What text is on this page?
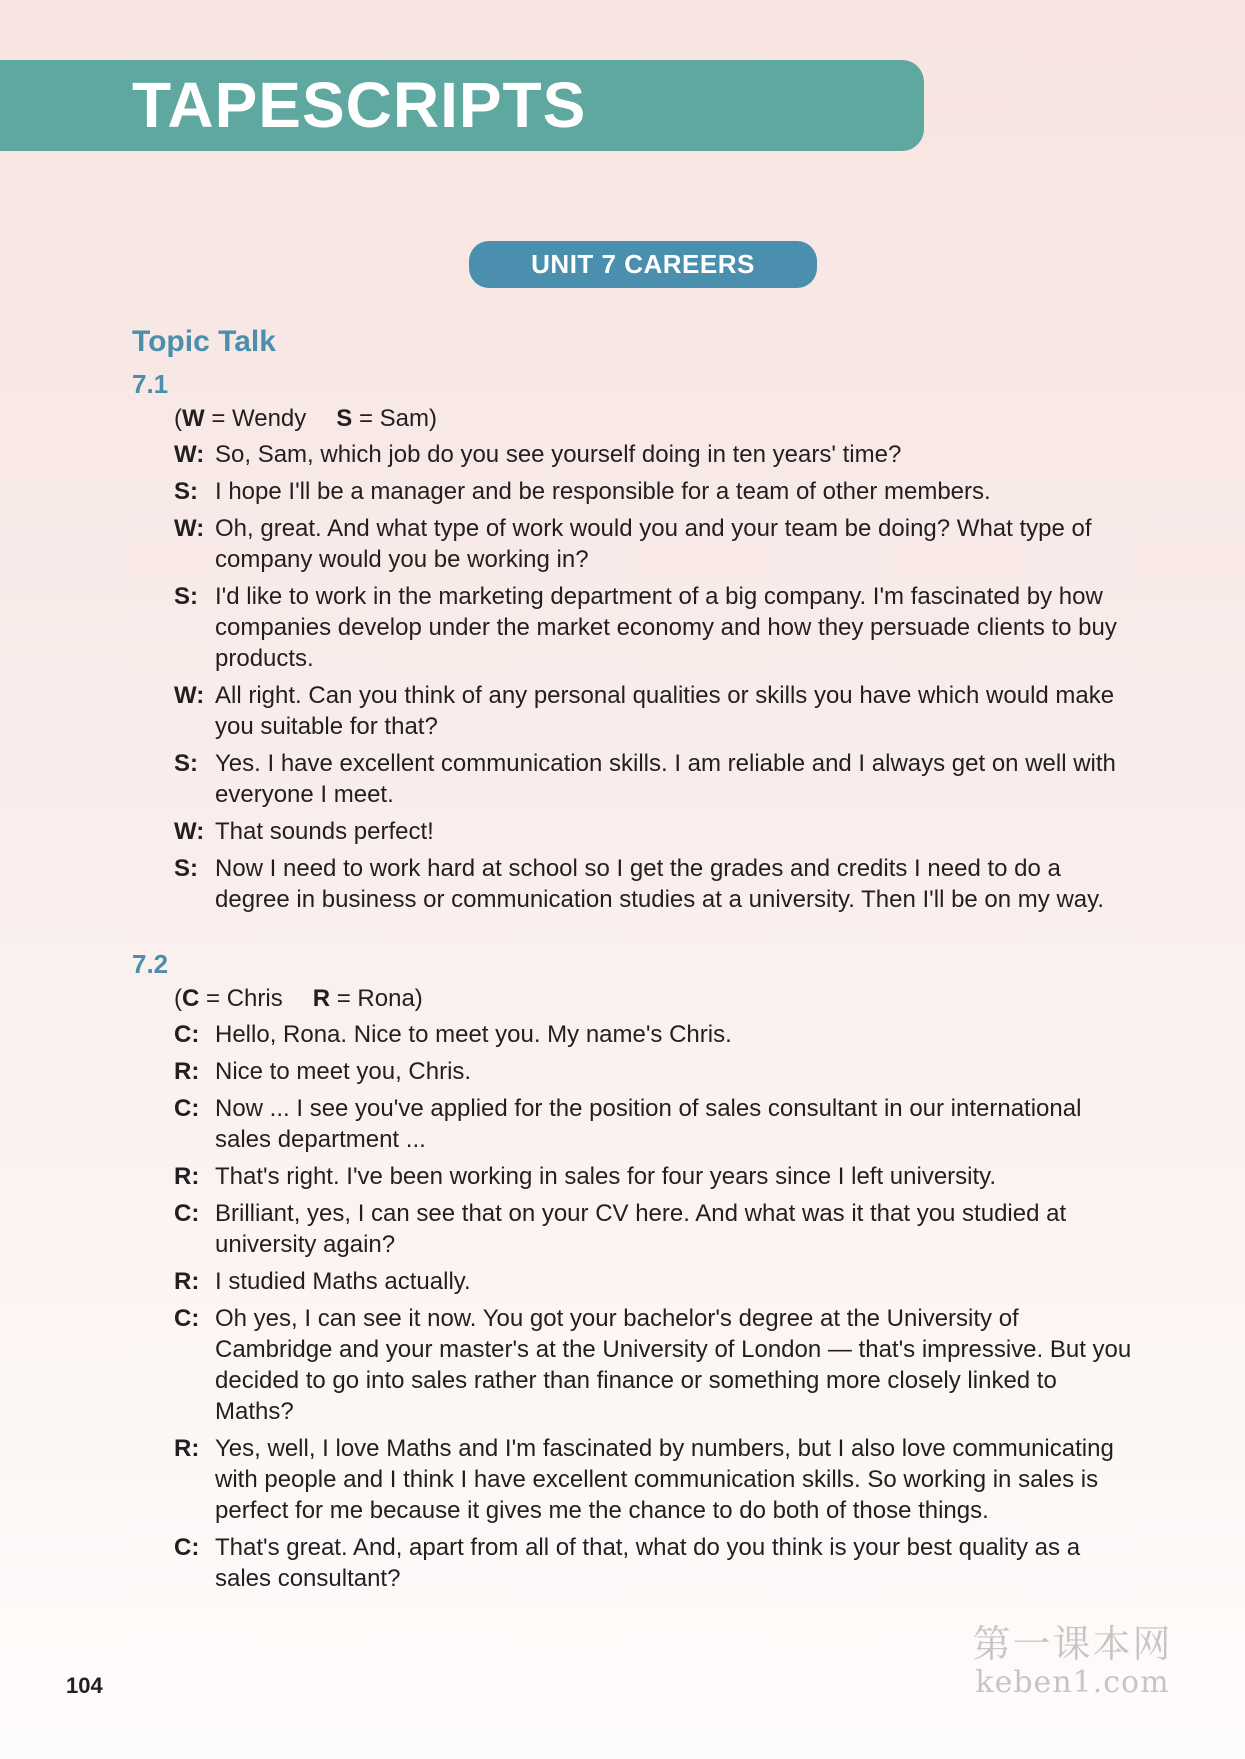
TAPESCRIPTS
UNIT 7 CAREERS
Topic Talk
7.1
(W = Wendy S = Sam)
W: So, Sam, which job do you see yourself doing in ten years' time?
S: I hope I'll be a manager and be responsible for a team of other members.
W: Oh, great. And what type of work would you and your team be doing? What type of company would you be working in?
S: I'd like to work in the marketing department of a big company. I'm fascinated by how companies develop under the market economy and how they persuade clients to buy products.
W: All right. Can you think of any personal qualities or skills you have which would make you suitable for that?
S: Yes. I have excellent communication skills. I am reliable and I always get on well with everyone I meet.
W: That sounds perfect!
S: Now I need to work hard at school so I get the grades and credits I need to do a degree in business or communication studies at a university. Then I'll be on my way.
7.2
(C = Chris R = Rona)
C: Hello, Rona. Nice to meet you. My name's Chris.
R: Nice to meet you, Chris.
C: Now ... I see you've applied for the position of sales consultant in our international sales department ...
R: That's right. I've been working in sales for four years since I left university.
C: Brilliant, yes, I can see that on your CV here. And what was it that you studied at university again?
R: I studied Maths actually.
C: Oh yes, I can see it now. You got your bachelor's degree at the University of Cambridge and your master's at the University of London — that's impressive. But you decided to go into sales rather than finance or something more closely linked to Maths?
R: Yes, well, I love Maths and I'm fascinated by numbers, but I also love communicating with people and I think I have excellent communication skills. So working in sales is perfect for me because it gives me the chance to do both of those things.
C: That's great. And, apart from all of that, what do you think is your best quality as a sales consultant?
104
第一课本网
keben1.com
